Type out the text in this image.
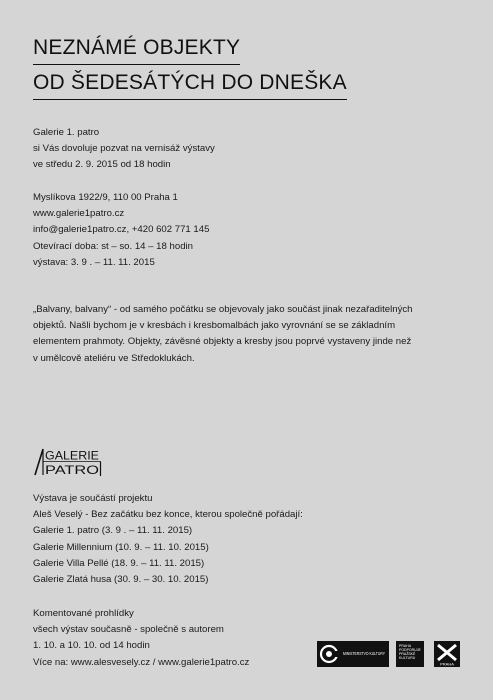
NEZNÁMÉ OBJEKTY
OD ŠEDESÁTÝCH DO DNEŠKA
Galerie 1. patro
si Vás dovoluje pozvat na vernisáž výstavy
ve středu 2. 9. 2015 od 18 hodin
Myslíkova 1922/9, 110 00 Praha 1
www.galerie1patro.cz
info@galerie1patro.cz, +420 602 771 145
Otevírací doba: st – so. 14 – 18 hodin
výstava: 3. 9 . – 11. 11. 2015
„Balvany, balvany“ - od samého počátku se objevovaly jako součást jinak nezařaditelných
objektů. Našli bychom je v kresbách i kresbomalbách jako vyrovnání se se základním
elementem prahmoty. Objekty, závěsné objekty a kresby jsou poprvé vystaveny jinde než
v umělcově ateliéru ve Středoklukách.
GALERIE
PATRO
Výstava je součástí projektu
Aleš Veselý - Bez začátku bez konce, kterou společně pořádají:
Galerie 1. patro (3. 9 . – 11. 11. 2015)
Galerie Millennium (10. 9. – 11. 10. 2015)
Galerie Villa Pellé (18. 9. – 11. 11. 2015)
Galerie Zlatá husa (30. 9. – 30. 10. 2015)
Komentované prohlídky
všech výstav současně - společně s autorem
1. 10. a 10. 10. od 14 hodin
Více na: www.alesvesely.cz / www.galerie1patro.cz
MINISTERSTVO KULTURY
PRAHA
PODPORUJE
PRAŽSKÉ
KULTURU
PRAHA
